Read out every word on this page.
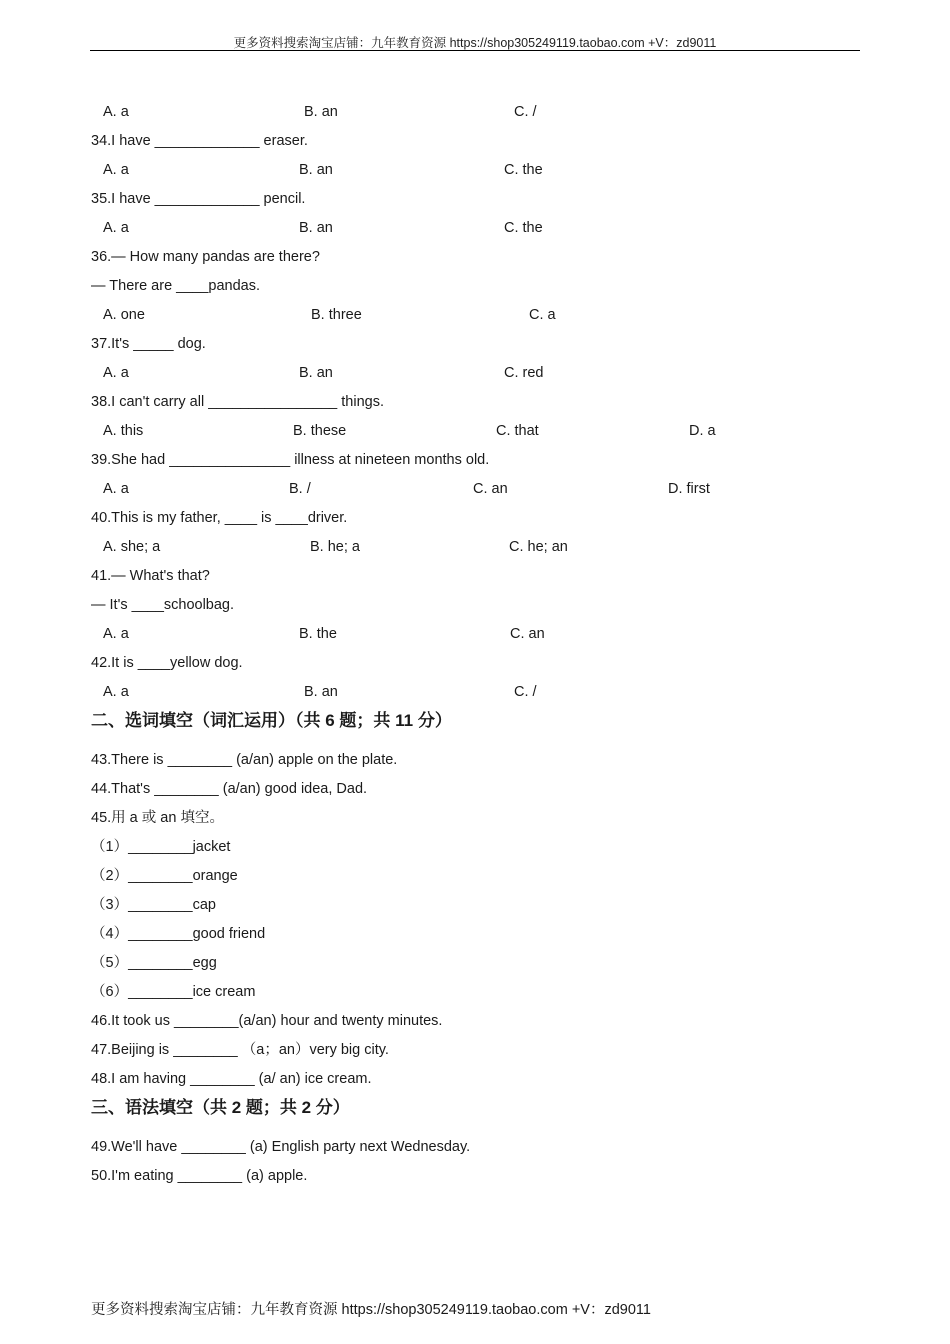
更多资料搜索淘宝店铺：九年教育资源 https://shop305249119.taobao.com +V：zd9011
A. a	B. an	C. /
34.I have _____________ eraser.
A. a	B. an	C. the
35.I have _____________ pencil.
A. a	B. an	C. the
36.— How many pandas are there?
— There are ____pandas.
A. one	B. three	C. a
37.It's _____ dog.
A. a	B. an	C. red
38.I can't carry all ________________ things.
A. this	B. these	C. that	D. a
39.She had _______________ illness at nineteen months old.
A. a	B. /	C. an	D. first
40.This is my father, ____ is ____driver.
A. she; a	B. he; a	C. he; an
41.— What's that?
— It's ____schoolbag.
A. a	B. the	C. an
42.It is ____yellow dog.
A. a	B. an	C. /
二、选词填空（词汇运用）（共 6 题；共 11 分）
43.There is ________ (a/an) apple on the plate.
44.That's ________ (a/an) good idea, Dad.
45.用 a 或 an 填空。
（1）________jacket
（2）________orange
（3）________cap
（4）________good friend
（5）________egg
（6）________ice cream
46.It took us ________(a/an) hour and twenty minutes.
47.Beijing is ________ （a；an）very big city.
48.I am having ________ (a/ an) ice cream.
三、语法填空（共 2 题；共 2 分）
49.We'll have ________ (a) English party next Wednesday.
50.I'm eating ________ (a) apple.
更多资料搜索淘宝店铺：九年教育资源 https://shop305249119.taobao.com +V：zd9011
